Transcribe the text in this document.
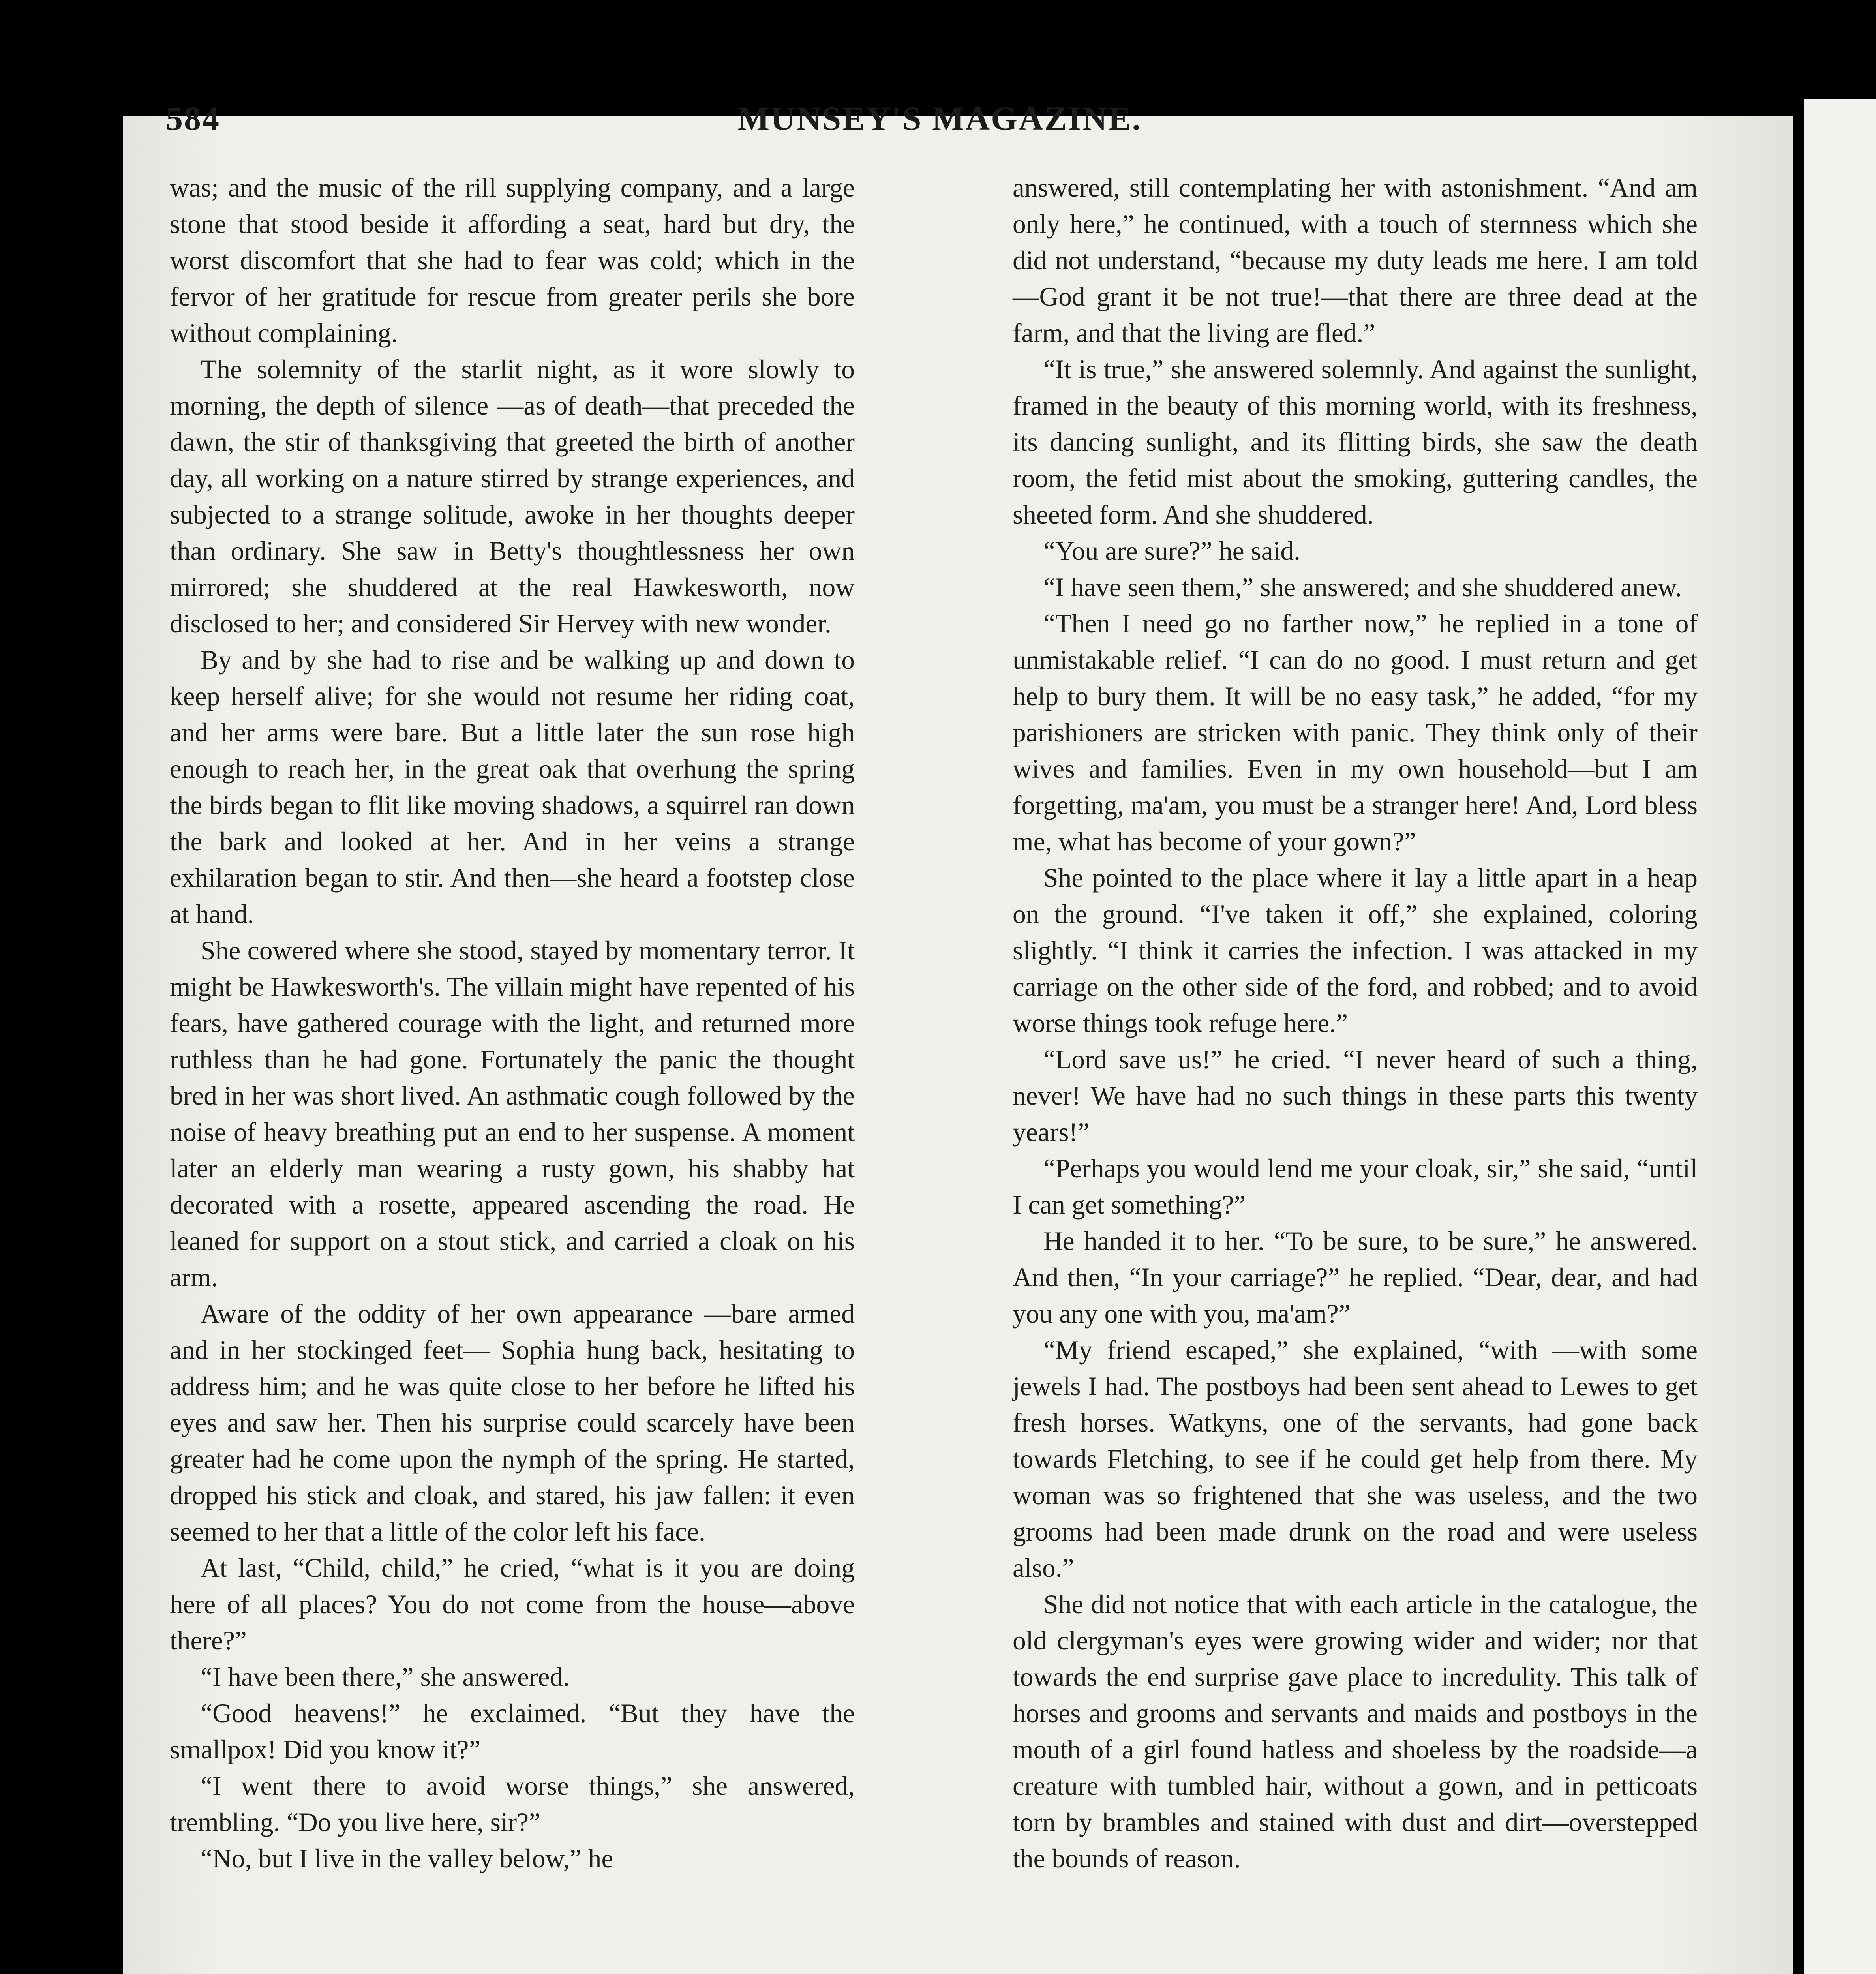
584	MUNSEY'S MAGAZINE.

was; and the music of the rill supplying company, and a large stone that stood beside it affording a seat, hard but dry, the worst discomfort that she had to fear was cold; which in the fervor of her gratitude for rescue from greater perils she bore without complaining.

The solemnity of the starlit night, as it wore slowly to morning, the depth of silence —as of death—that preceded the dawn, the stir of thanksgiving that greeted the birth of another day, all working on a nature stirred by strange experiences, and subjected to a strange solitude, awoke in her thoughts deeper than ordinary. She saw in Betty's thoughtlessness her own mirrored; she shuddered at the real Hawkesworth, now disclosed to her; and considered Sir Hervey with new wonder.

By and by she had to rise and be walking up and down to keep herself alive; for she would not resume her riding coat, and her arms were bare. But a little later the sun rose high enough to reach her, in the great oak that overhung the spring the birds began to flit like moving shadows, a squirrel ran down the bark and looked at her. And in her veins a strange exhilaration began to stir. And then—she heard a footstep close at hand.

She cowered where she stood, stayed by momentary terror. It might be Hawkesworth's. The villain might have repented of his fears, have gathered courage with the light, and returned more ruthless than he had gone. Fortunately the panic the thought bred in her was short lived. An asthmatic cough followed by the noise of heavy breathing put an end to her suspense. A moment later an elderly man wearing a rusty gown, his shabby hat decorated with a rosette, appeared ascending the road. He leaned for support on a stout stick, and carried a cloak on his arm.

Aware of the oddity of her own appearance —bare armed and in her stockinged feet— Sophia hung back, hesitating to address him; and he was quite close to her before he lifted his eyes and saw her. Then his surprise could scarcely have been greater had he come upon the nymph of the spring. He started, dropped his stick and cloak, and stared, his jaw fallen: it even seemed to her that a little of the color left his face.

At last, “Child, child,” he cried, “what is it you are doing here of all places? You do not come from the house—above there?”

“I have been there,” she answered.

“Good heavens!” he exclaimed. “But they have the smallpox! Did you know it?”

“I went there to avoid worse things,” she answered, trembling. “Do you live here, sir?”

“No, but I live in the valley below,” he

answered, still contemplating her with astonishment. “And am only here,” he continued, with a touch of sternness which she did not understand, “because my duty leads me here. I am told—God grant it be not true!—that there are three dead at the farm, and that the living are fled.”

“It is true,” she answered solemnly. And against the sunlight, framed in the beauty of this morning world, with its freshness, its dancing sunlight, and its flitting birds, she saw the death room, the fetid mist about the smoking, guttering candles, the sheeted form. And she shuddered.

“You are sure?” he said.

“I have seen them,” she answered; and she shuddered anew.

“Then I need go no farther now,” he replied in a tone of unmistakable relief. “I can do no good. I must return and get help to bury them. It will be no easy task,” he added, “for my parishioners are stricken with panic. They think only of their wives and families. Even in my own household—but I am forgetting, ma'am, you must be a stranger here! And, Lord bless me, what has become of your gown?”

She pointed to the place where it lay a little apart in a heap on the ground. “I've taken it off,” she explained, coloring slightly. “I think it carries the infection. I was attacked in my carriage on the other side of the ford, and robbed; and to avoid worse things took refuge here.”

“Lord save us!” he cried. “I never heard of such a thing, never! We have had no such things in these parts this twenty years!”

“Perhaps you would lend me your cloak, sir,” she said, “until I can get something?”

He handed it to her. “To be sure, to be sure,” he answered. And then, “In your carriage?” he replied. “Dear, dear, and had you any one with you, ma'am?”

“My friend escaped,” she explained, “with —with some jewels I had. The postboys had been sent ahead to Lewes to get fresh horses. Watkyns, one of the servants, had gone back towards Fletching, to see if he could get help from there. My woman was so frightened that she was useless, and the two grooms had been made drunk on the road and were useless also.”

She did not notice that with each article in the catalogue, the old clergyman's eyes were growing wider and wider; nor that towards the end surprise gave place to incredulity. This talk of horses and grooms and servants and maids and postboys in the mouth of a girl found hatless and shoeless by the roadside—a creature with tumbled hair, without a gown, and in petticoats torn by brambles and stained with dust and dirt—overstepped the bounds of reason.
